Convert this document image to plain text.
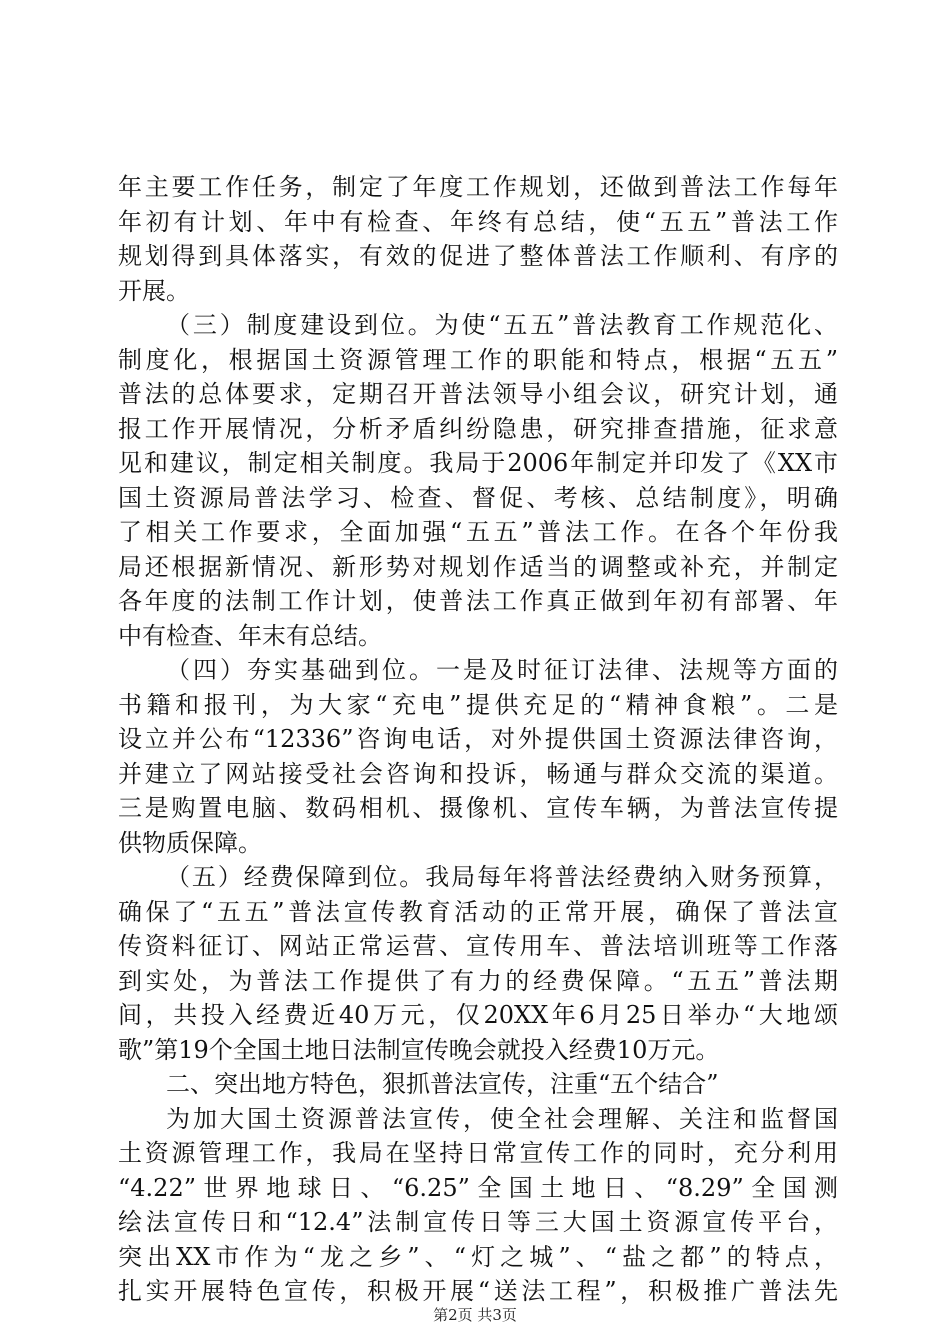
年主要工作任务，制定了年度工作规划，还做到普法工作每年
年初有计划、年中有检查、年终有总结，使“五五”普法工作
规划得到具体落实，有效的促进了整体普法工作顺利、有序的
开展。
（三）制度建设到位。为使“五五”普法教育工作规范化、
制度化，根据国土资源管理工作的职能和特点，根据“五五”
普法的总体要求，定期召开普法领导小组会议，研究计划，通
报工作开展情况，分析矛盾纠纷隐患，研究排查措施，征求意
见和建议，制定相关制度。我局于2006年制定并印发了《XX市
国土资源局普法学习、检查、督促、考核、总结制度》，明确
了相关工作要求，全面加强“五五”普法工作。在各个年份我
局还根据新情况、新形势对规划作适当的调整或补充，并制定
各年度的法制工作计划，使普法工作真正做到年初有部署、年
中有检查、年末有总结。
（四）夯实基础到位。一是及时征订法律、法规等方面的
书籍和报刊，为大家“充电”提供充足的“精神食粮”。二是
设立并公布“12336”咨询电话，对外提供国土资源法律咨询，
并建立了网站接受社会咨询和投诉，畅通与群众交流的渠道。
三是购置电脑、数码相机、摄像机、宣传车辆，为普法宣传提
供物质保障。
（五）经费保障到位。我局每年将普法经费纳入财务预算，
确保了“五五”普法宣传教育活动的正常开展，确保了普法宣
传资料征订、网站正常运营、宣传用车、普法培训班等工作落
到实处，为普法工作提供了有力的经费保障。“五五”普法期
间，共投入经费近40万元，仅20XX年6月25日举办“大地颂
歌”第19个全国土地日法制宣传晚会就投入经费10万元。
二、突出地方特色，狠抓普法宣传，注重“五个结合”
为加大国土资源普法宣传，使全社会理解、关注和监督国
土资源管理工作，我局在坚持日常宣传工作的同时，充分利用
“4.22”世界地球日、“6.25”全国土地日、“8.29”全国测
绘法宣传日和“12.4”法制宣传日等三大国土资源宣传平台，
突出XX市作为“龙之乡”、“灯之城”、“盐之都”的特点，
扎实开展特色宣传，积极开展“送法工程”，积极推广普法先
第2页 共3页
